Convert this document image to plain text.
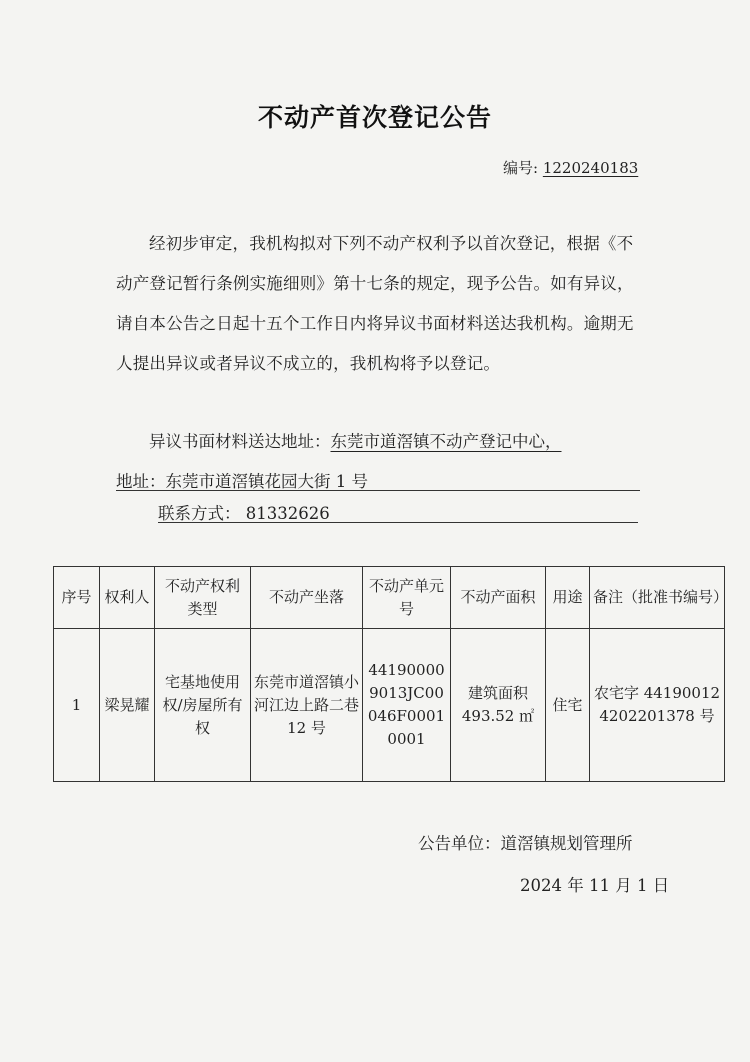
不动产首次登记公告
编号: 1220240183

经初步审定，我机构拟对下列不动产权利予以首次登记，根据《不动产登记暂行条例实施细则》第十七条的规定，现予公告。如有异议，请自本公告之日起十五个工作日内将异议书面材料送达我机构。逾期无人提出异议或者异议不成立的，我机构将予以登记。

异议书面材料送达地址：东莞市道滘镇不动产登记中心，
地址：东莞市道滘镇花园大街 1 号
联系方式： 81332626
序号	权利人	不动产权利类型	不动产坐落	不动产单元号	不动产面积	用途	备注（批准书编号）
1	梁晃耀	宅基地使用权/房屋所有权	东莞市道滘镇小河江边上路二巷 12 号	441900009013JC00046F00010001	建筑面积 493.52 ㎡	住宅	农宅字 441900124202201378 号
公告单位：道滘镇规划管理所
2024 年 11 月 1 日
